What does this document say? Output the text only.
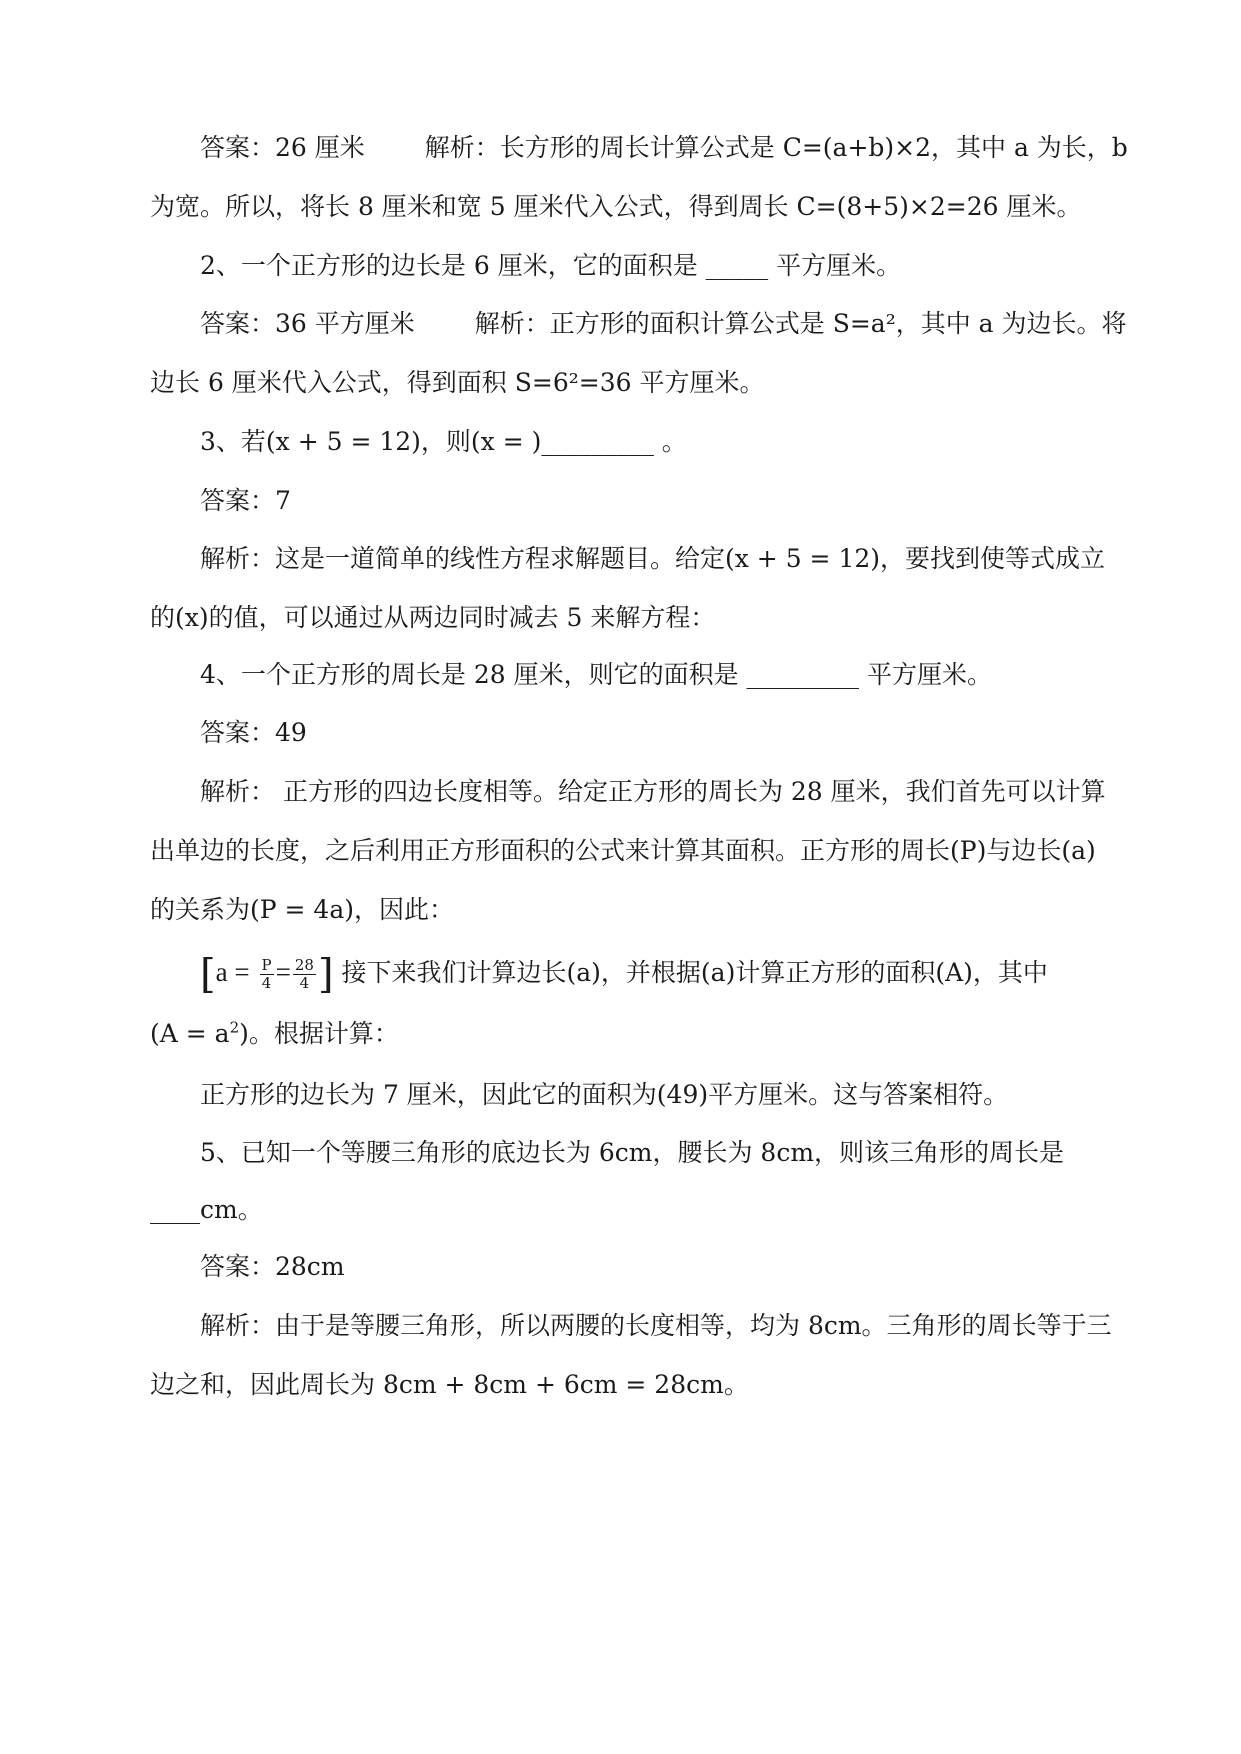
答案：26 厘米 解析：长方形的周长计算公式是 C=(a+b)×2，其中 a 为长，b
为宽。所以，将长 8 厘米和宽 5 厘米代入公式，得到周长 C=(8+5)×2=26 厘米。
2、一个正方形的边长是 6 厘米，它的面积是 _____ 平方厘米。
答案：36 平方厘米 解析：正方形的面积计算公式是 S=a²，其中 a 为边长。将
边长 6 厘米代入公式，得到面积 S=6²=36 平方厘米。
3、若(x + 5 = 12)，则(x = )_________ 。
答案：7
解析：这是一道简单的线性方程求解题目。给定(x + 5 = 12)，要找到使等式成立
的(x)的值，可以通过从两边同时减去 5 来解方程：
4、一个正方形的周长是 28 厘米，则它的面积是 _________ 平方厘米。
答案：49
解析： 正方形的四边长度相等。给定正方形的周长为 28 厘米，我们首先可以计算
出单边的长度，之后利用正方形面积的公式来计算其面积。正方形的周长(P)与边长(a)
的关系为(P = 4a)，因此：
[$a = \frac{P}{4} = \frac{28}{4}$ ] 接下来我们计算边长(a)，并根据(a)计算正方形的面积(A)，其中
$(A = a^2)$。根据计算：
正方形的边长为 7 厘米，因此它的面积为(49)平方厘米。这与答案相符。
5、已知一个等腰三角形的底边长为 6cm，腰长为 8cm，则该三角形的周长是
____cm。
答案：28cm
解析：由于是等腰三角形，所以两腰的长度相等，均为 8cm。三角形的周长等于三
边之和，因此周长为 8cm + 8cm + 6cm = 28cm。
